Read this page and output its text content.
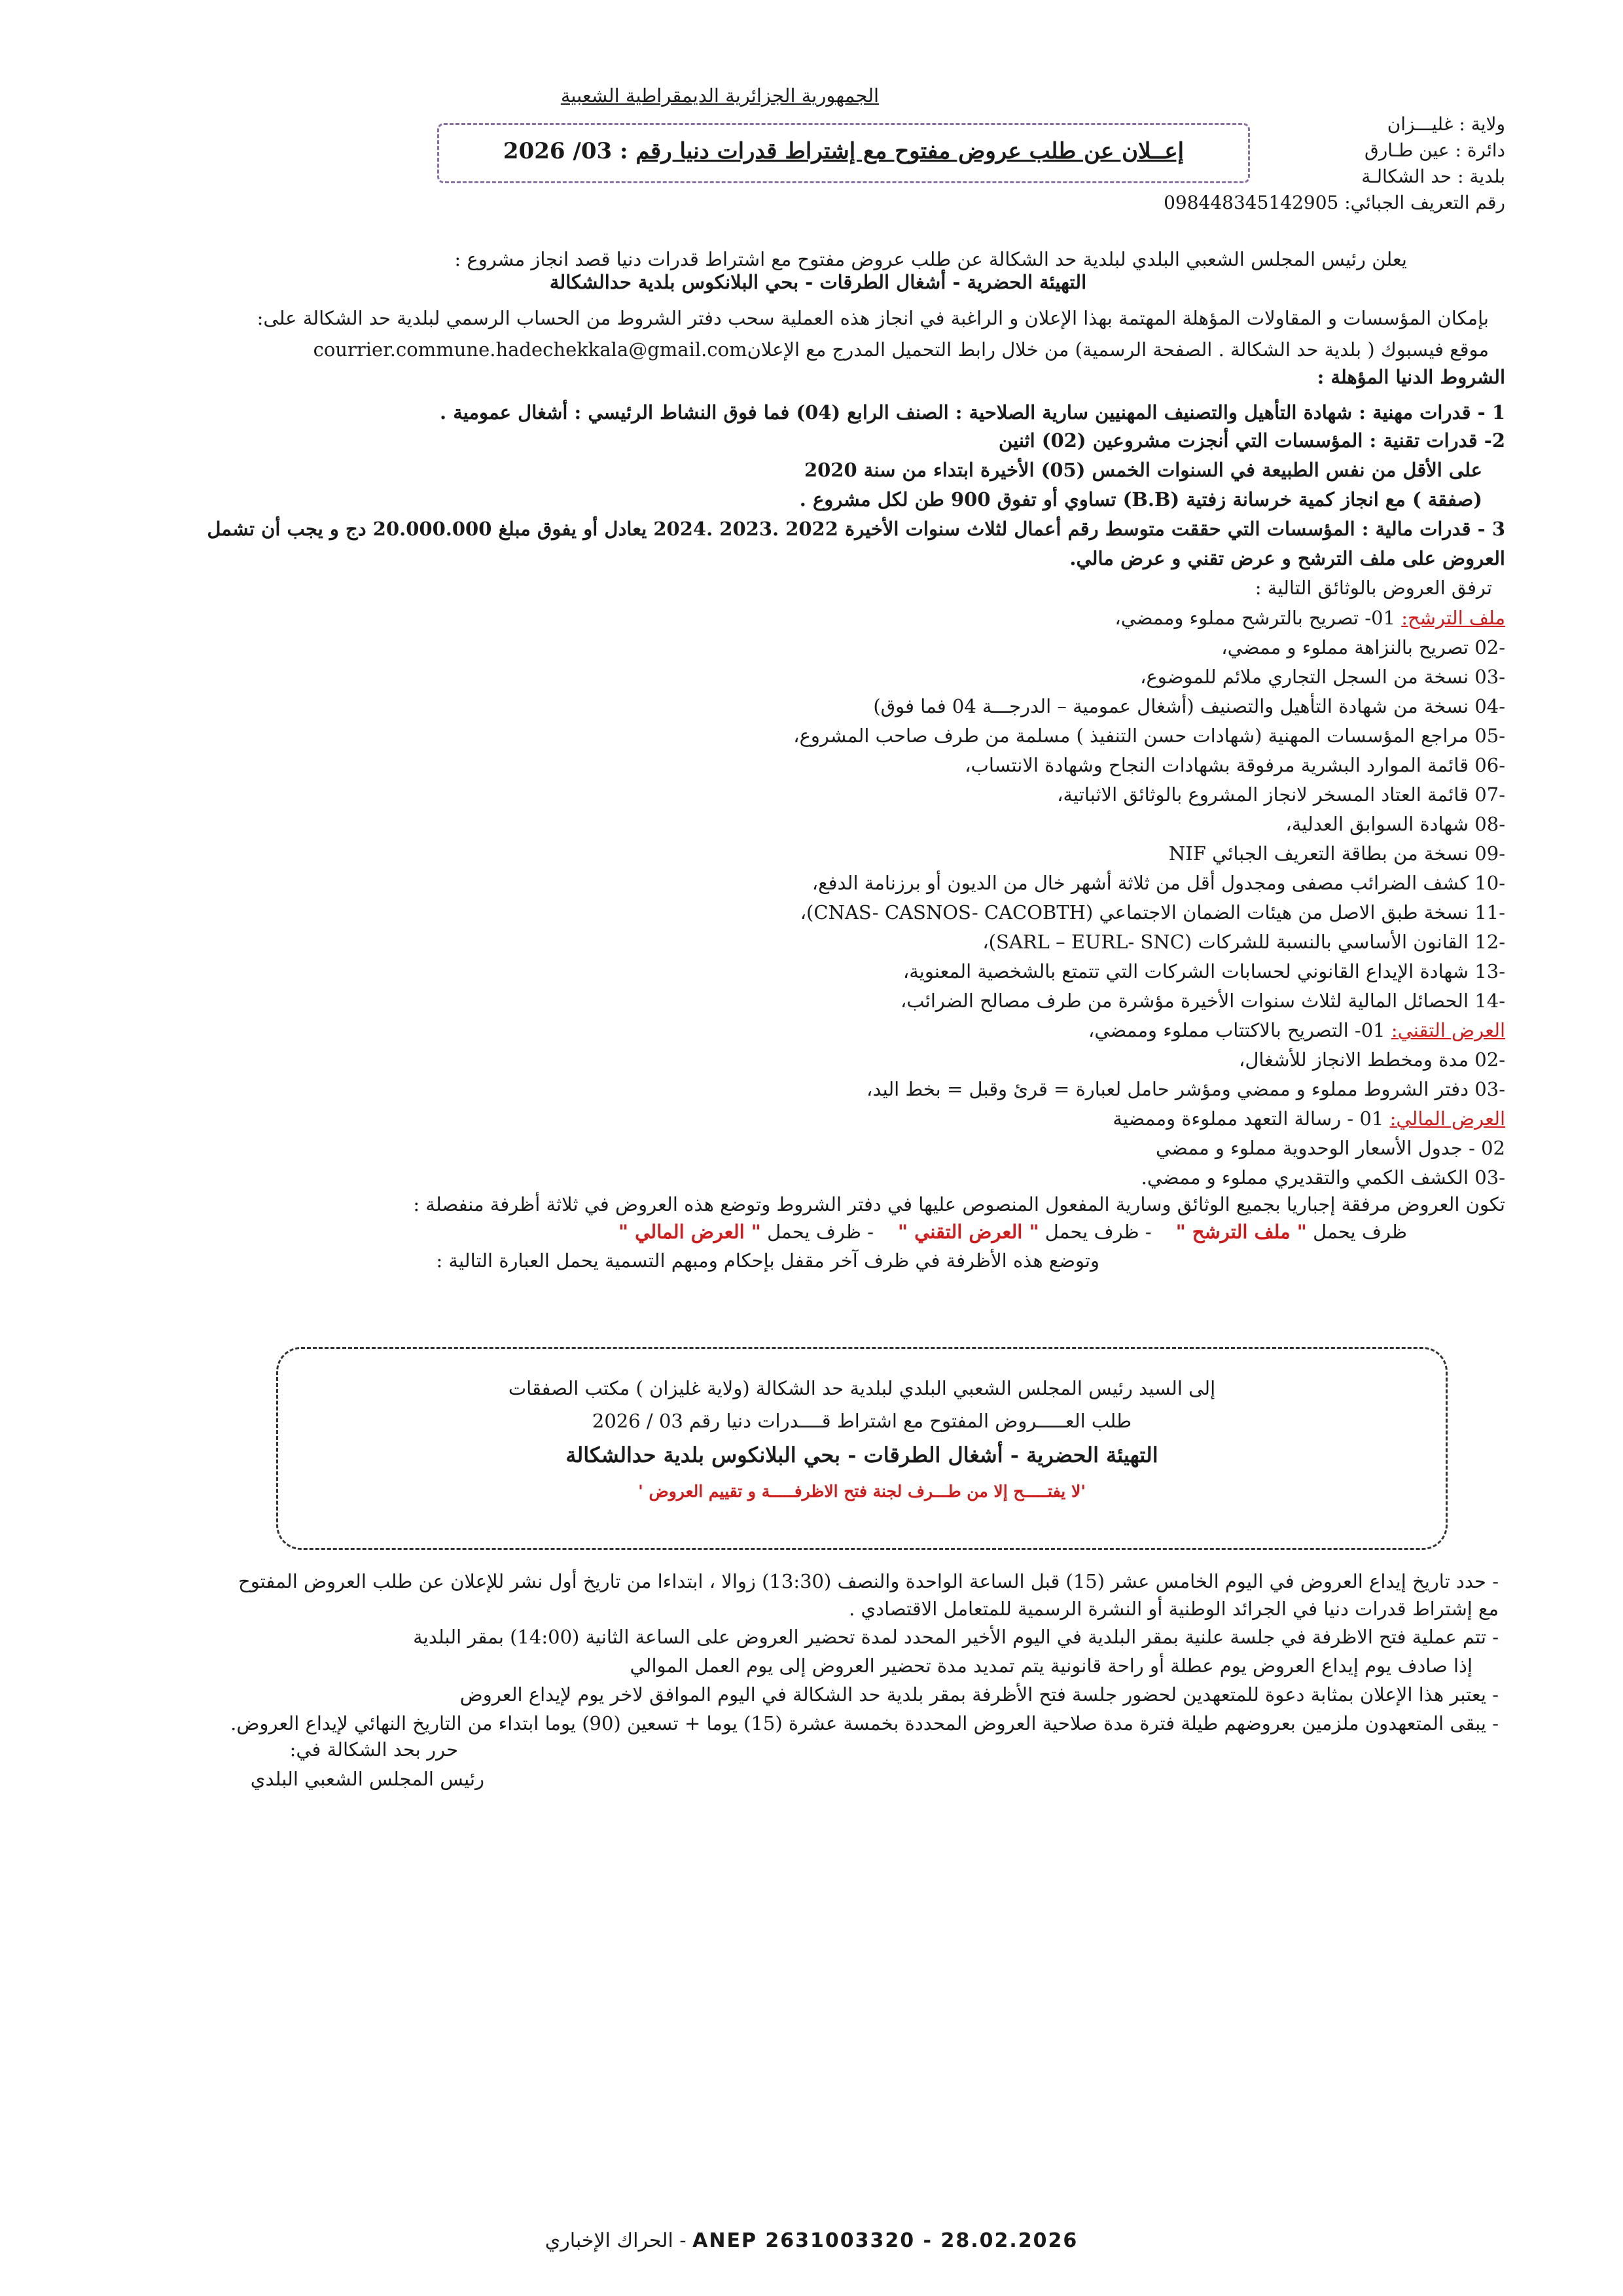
الجمهورية الجزائرية الديمقراطية الشعبية
ولاية : غليـــزان
دائرة : عين طـارق
بلدية : حد الشكالـة
رقم التعريف الجبائي: 098448345142905
إعــلان عن طلب عروض مفتوح مع إشتراط قدرات دنيا رقم : 03/ 2026
يعلن رئيس المجلس الشعبي البلدي لبلدية حد الشكالة عن طلب عروض مفتوح مع اشتراط قدرات دنيا قصد انجاز مشروع :
التهيئة الحضرية - أشغال الطرقات - بحي البلانكوس بلدية حدالشكالة
بإمكان المؤسسات و المقاولات المؤهلة المهتمة بهذا الإعلان و الراغبة في انجاز هذه العملية سحب دفتر الشروط من الحساب الرسمي لبلدية حد الشكالة على:
موقع فيسبوك ( بلدية حد الشكالة . الصفحة الرسمية) من خلال رابط التحميل المدرج مع الإعلانcourrier.commune.hadechekkala@gmail.com
الشروط الدنيا المؤهلة :
1 - قدرات مهنية : شهادة التأهيل والتصنيف المهنيين سارية الصلاحية : الصنف الرابع (04) فما فوق النشاط الرئيسي : أشغال عمومية .
2- قدرات تقنية : المؤسسات التي أنجزت مشروعين (02) اثنين
على الأقل من نفس الطبيعة في السنوات الخمس (05) الأخيرة ابتداء من سنة 2020
(صفقة ) مع انجاز كمية خرسانة زفتية (B.B) تساوي أو تفوق 900 طن لكل مشروع .
3 - قدرات مالية : المؤسسات التي حققت متوسط رقم أعمال لثلاث سنوات الأخيرة 2022 .2023 .2024 يعادل أو يفوق مبلغ 20.000.000 دج و يجب أن تشمل
العروض على ملف الترشح و عرض تقني و عرض مالي.
ترفق العروض بالوثائق التالية :
ملف الترشح: 01- تصريح بالترشح مملوء وممضي،
-02 تصريح بالنزاهة مملوء و ممضي،
-03 نسخة من السجل التجاري ملائم للموضوع،
-04 نسخة من شهادة التأهيل والتصنيف (أشغال عمومية – الدرجـــة 04 فما فوق)
-05 مراجع المؤسسات المهنية (شهادات حسن التنفيذ ) مسلمة من طرف صاحب المشروع،
-06 قائمة الموارد البشرية مرفوقة بشهادات النجاح وشهادة الانتساب،
-07 قائمة العتاد المسخر لانجاز المشروع بالوثائق الاثباتية،
-08 شهادة السوابق العدلية،
-09 نسخة من بطاقة التعريف الجبائي NIF
-10 كشف الضرائب مصفى ومجدول أقل من ثلاثة أشهر خال من الديون أو برزنامة الدفع،
-11 نسخة طبق الاصل من هيئات الضمان الاجتماعي (CNAS- CASNOS- CACOBTH)،
-12 القانون الأساسي بالنسبة للشركات (SARL – EURL- SNC)،
-13 شهادة الإيداع القانوني لحسابات الشركات التي تتمتع بالشخصية المعنوية،
-14 الحصائل المالية لثلاث سنوات الأخيرة مؤشرة من طرف مصالح الضرائب،
العرض التقني: 01- التصريح بالاكتتاب مملوء وممضي،
-02 مدة ومخطط الانجاز للأشغال،
-03 دفتر الشروط مملوء و ممضي ومؤشر حامل لعبارة = قرئ وقبل = بخط اليد،
العرض المالي: 01 - رسالة التعهد مملوءة وممضية
02 - جدول الأسعار الوحدوية مملوء و ممضي
-03 الكشف الكمي والتقديري مملوء و ممضي.
تكون العروض مرفقة إجباريا بجميع الوثائق وسارية المفعول المنصوص عليها في دفتر الشروط وتوضع هذه العروض في ثلاثة أظرفة منفصلة :
ظرف يحمل " ملف الترشح "    - ظرف يحمل " العرض التقني "    - ظرف يحمل " العرض المالي "
وتوضع هذه الأظرفة في ظرف آخر مقفل بإحكام ومبهم التسمية يحمل العبارة التالية :
إلى السيد رئيس المجلس الشعبي البلدي لبلدية حد الشكالة (ولاية غليزان ) مكتب الصفقات
طلب العـــــروض المفتوح مع اشتراط قــــدرات دنيا رقم 03 / 2026
التهيئة الحضرية - أشغال الطرقات - بحي البلانكوس بلدية حدالشكالة
'لا يفتـــــح إلا من طـــرف لجنة فتح الاظرفـــــة و تقييم العروض '
- حدد تاريخ إيداع العروض في اليوم الخامس عشر (15) قبل الساعة الواحدة والنصف (13:30) زوالا ، ابتداءا من تاريخ أول نشر للإعلان عن طلب العروض المفتوح
مع إشتراط قدرات دنيا في الجرائد الوطنية أو النشرة الرسمية للمتعامل الاقتصادي .
- تتم عملية فتح الاظرفة في جلسة علنية بمقر البلدية في اليوم الأخير المحدد لمدة تحضير العروض على الساعة الثانية (14:00) بمقر البلدية
إذا صادف يوم إيداع العروض يوم عطلة أو راحة قانونية يتم تمديد مدة تحضير العروض إلى يوم العمل الموالي
- يعتبر هذا الإعلان بمثابة دعوة للمتعهدين لحضور جلسة فتح الأظرفة بمقر بلدية حد الشكالة في اليوم الموافق لاخر يوم لإيداع العروض
- يبقى المتعهدون ملزمين بعروضهم طيلة فترة مدة صلاحية العروض المحددة بخمسة عشرة (15) يوما + تسعين (90) يوما ابتداء من التاريخ النهائي لإيداع العروض.
حرر بحد الشكالة في:
رئيس المجلس الشعبي البلدي
ANEP 2631003320 - 28.02.2026 - الحراك الإخباري
